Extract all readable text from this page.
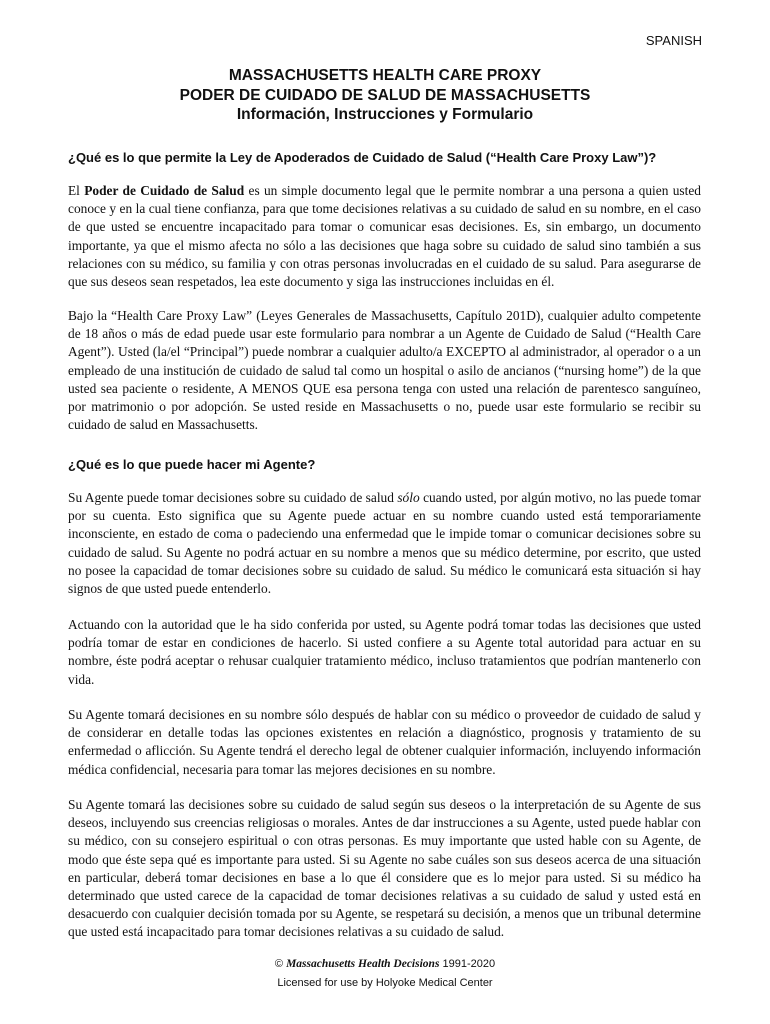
SPANISH
MASSACHUSETTS HEALTH CARE PROXY
PODER DE CUIDADO DE SALUD DE MASSACHUSETTS
Información, Instrucciones y Formulario
¿Qué es lo que permite la Ley de Apoderados de Cuidado de Salud (“Health Care Proxy Law”)?
El Poder de Cuidado de Salud es un simple documento legal que le permite nombrar a una persona a quien usted conoce y en la cual tiene confianza, para que tome decisiones relativas a su cuidado de salud en su nombre, en el caso de que usted se encuentre incapacitado para tomar o comunicar esas decisiones. Es, sin embargo, un documento importante, ya que el mismo afecta no sólo a las decisiones que haga sobre su cuidado de salud sino también a sus relaciones con su médico, su familia y con otras personas involucradas en el cuidado de su salud. Para asegurarse de que sus deseos sean respetados, lea este documento y siga las instrucciones incluidas en él.
Bajo la “Health Care Proxy Law” (Leyes Generales de Massachusetts, Capítulo 201D), cualquier adulto competente de 18 años o más de edad puede usar este formulario para nombrar a un Agente de Cuidado de Salud (“Health Care Agent”). Usted (la/el “Principal”) puede nombrar a cualquier adulto/a EXCEPTO al administrador, al operador o a un empleado de una institución de cuidado de salud tal como un hospital o asilo de ancianos (“nursing home”) de la que usted sea paciente o residente, A MENOS QUE esa persona tenga con usted una relación de parentesco sanguíneo, por matrimonio o por adopción. Se usted reside en Massachusetts o no, puede usar este formulario se recibir su cuidado de salud en Massachusetts.
¿Qué es lo que puede hacer mi Agente?
Su Agente puede tomar decisiones sobre su cuidado de salud sólo cuando usted, por algún motivo, no las puede tomar por su cuenta. Esto significa que su Agente puede actuar en su nombre cuando usted está temporariamente inconsciente, en estado de coma o padeciendo una enfermedad que le impide tomar o comunicar decisiones sobre su cuidado de salud. Su Agente no podrá actuar en su nombre a menos que su médico determine, por escrito, que usted no posee la capacidad de tomar decisiones sobre su cuidado de salud. Su médico le comunicará esta situación si hay signos de que usted puede entenderlo.
Actuando con la autoridad que le ha sido conferida por usted, su Agente podrá tomar todas las decisiones que usted podría tomar de estar en condiciones de hacerlo. Si usted confiere a su Agente total autoridad para actuar en su nombre, éste podrá aceptar o rehusar cualquier tratamiento médico, incluso tratamientos que podrían mantenerlo con vida.
Su Agente tomará decisiones en su nombre sólo después de hablar con su médico o proveedor de cuidado de salud y de considerar en detalle todas las opciones existentes en relación a diagnóstico, prognosis y tratamiento de su enfermedad o aflicción. Su Agente tendrá el derecho legal de obtener cualquier información, incluyendo información médica confidencial, necesaria para tomar las mejores decisiones en su nombre.
Su Agente tomará las decisiones sobre su cuidado de salud según sus deseos o la interpretación de su Agente de sus deseos, incluyendo sus creencias religiosas o morales. Antes de dar instrucciones a su Agente, usted puede hablar con su médico, con su consejero espiritual o con otras personas. Es muy importante que usted hable con su Agente, de modo que éste sepa qué es importante para usted. Si su Agente no sabe cuáles son sus deseos acerca de una situación en particular, deberá tomar decisiones en base a lo que él considere que es lo mejor para usted. Si su médico ha determinado que usted carece de la capacidad de tomar decisiones relativas a su cuidado de salud y usted está en desacuerdo con cualquier decisión tomada por su Agente, se respetará su decisión, a menos que un tribunal determine que usted está incapacitado para tomar decisiones relativas a su cuidado de salud.
© Massachusetts Health Decisions 1991-2020
Licensed for use by Holyoke Medical Center
